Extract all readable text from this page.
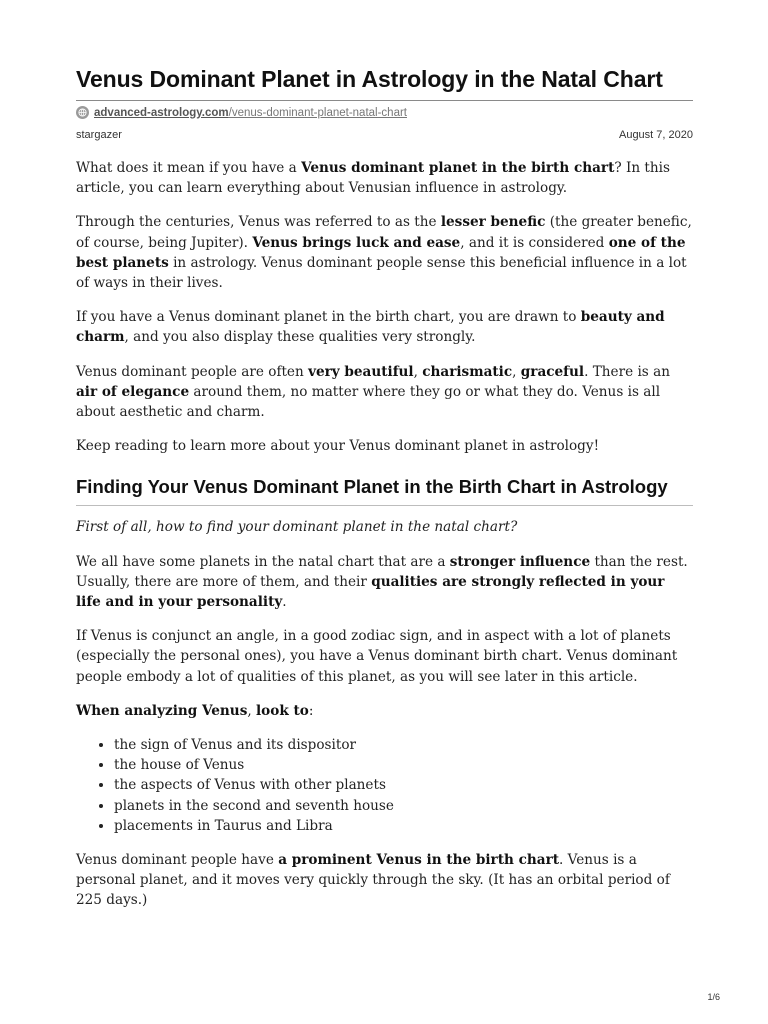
Venus Dominant Planet in Astrology in the Natal Chart
advanced-astrology.com /venus-dominant-planet-natal-chart
stargazer	August 7, 2020

What does it mean if you have a Venus dominant planet in the birth chart? In this article, you can learn everything about Venusian influence in astrology.

Through the centuries, Venus was referred to as the lesser benefic (the greater benefic, of course, being Jupiter). Venus brings luck and ease, and it is considered one of the best planets in astrology. Venus dominant people sense this beneficial influence in a lot of ways in their lives.

If you have a Venus dominant planet in the birth chart, you are drawn to beauty and charm, and you also display these qualities very strongly.

Venus dominant people are often very beautiful, charismatic, graceful. There is an air of elegance around them, no matter where they go or what they do. Venus is all about aesthetic and charm.

Keep reading to learn more about your Venus dominant planet in astrology!

Finding Your Venus Dominant Planet in the Birth Chart in Astrology

First of all, how to find your dominant planet in the natal chart?

We all have some planets in the natal chart that are a stronger influence than the rest. Usually, there are more of them, and their qualities are strongly reflected in your life and in your personality.

If Venus is conjunct an angle, in a good zodiac sign, and in aspect with a lot of planets (especially the personal ones), you have a Venus dominant birth chart. Venus dominant people embody a lot of qualities of this planet, as you will see later in this article.

When analyzing Venus, look to:

• the sign of Venus and its dispositor
• the house of Venus
• the aspects of Venus with other planets
• planets in the second and seventh house
• placements in Taurus and Libra

Venus dominant people have a prominent Venus in the birth chart. Venus is a personal planet, and it moves very quickly through the sky. (It has an orbital period of 225 days.)

1/6
